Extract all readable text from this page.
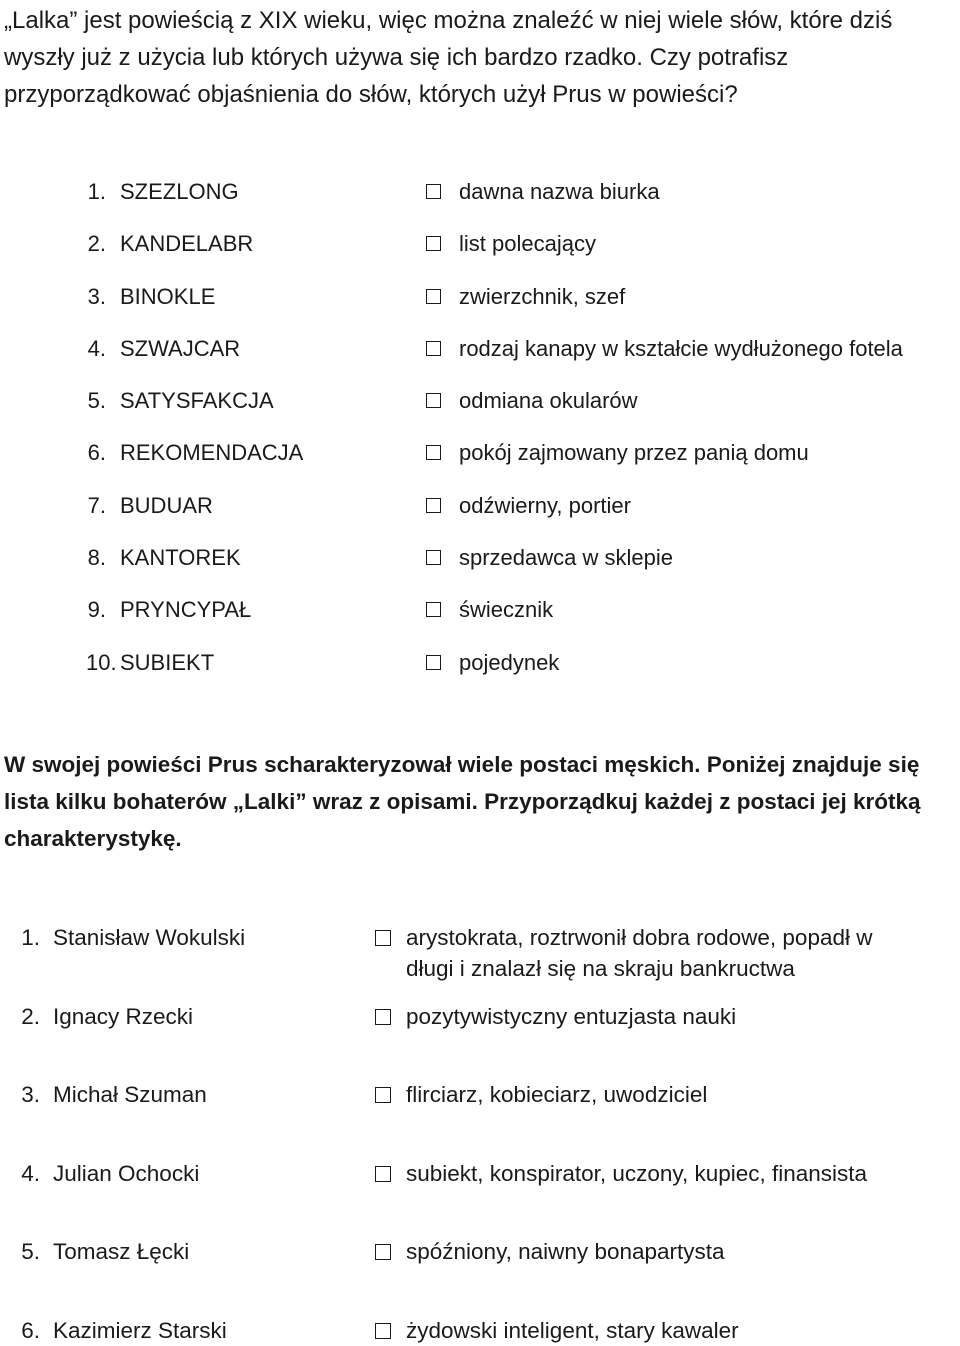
„Lalka” jest powieścią z XIX wieku, więc można znaleźć w niej wiele słów, które dziś wyszły już z użycia lub których używa się ich bardzo rzadko. Czy potrafisz przyporządkować objaśnienia do słów, których użył Prus w powieści?
1. SZEZLONG	dawna nazwa biurka
2. KANDELABR	list polecający
3. BINOKLE	zwierzchnik, szef
4. SZWAJCAR	rodzaj kanapy w kształcie wydłużonego fotela
5. SATYSFAKCJA	odmiana okularów
6. REKOMENDACJA	pokój zajmowany przez panią domu
7. BUDUAR	odźwierny, portier
8. KANTOREK	sprzedawca w sklepie
9. PRYNCYPAŁ	świecznik
10. SUBIEKT	pojedynek
W swojej powieści Prus scharakteryzował wiele postaci męskich. Poniżej znajduje się lista kilku bohaterów „Lalki” wraz z opisami. Przyporządkuj każdej z postaci jej krótką charakterystykę.
1. Stanisław Wokulski	arystokrata, roztrwonił dobra rodowe, popadł w długi i znalazł się na skraju bankructwa
2. Ignacy Rzecki	pozytywistyczny entuzjasta nauki
3. Michał Szuman	flirciarz, kobieciarz, uwodziciel
4. Julian Ochocki	subiekt, konspirator, uczony, kupiec, finansista
5. Tomasz Łęcki	spóźniony, naiwny bonapartysta
6. Kazimierz Starski	żydowski inteligent, stary kawaler
